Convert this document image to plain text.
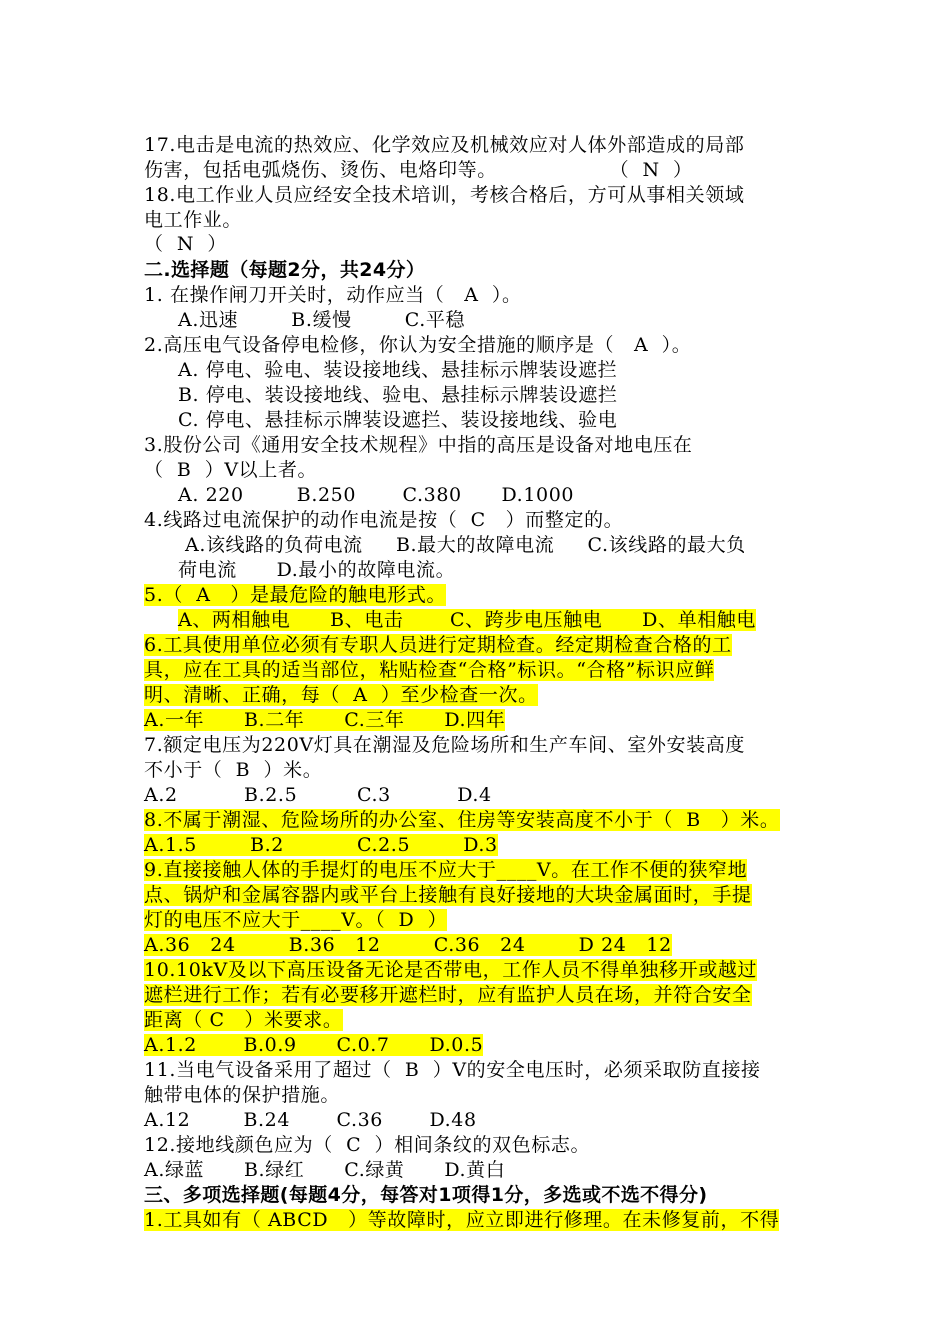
17.电击是电流的热效应、化学效应及机械效应对人体外部造成的局部
伤害，包括电弧烧伤、烫伤、电烙印等。                 （  N  ）
18.电工作业人员应经安全技术培训，考核合格后，方可从事相关领域
电工作业。
（  N  ）
二.选择题（每题2分，共24分）
1. 在操作闸刀开关时，动作应当（   A  ）。
A.迅速        B.缓慢        C.平稳
2.高压电气设备停电检修，你认为安全措施的顺序是（   A  ）。
A. 停电、验电、装设接地线、悬挂标示牌装设遮拦
B. 停电、装设接地线、验电、悬挂标示牌装设遮拦
C. 停电、悬挂标示牌装设遮拦、装设接地线、验电
3.股份公司《通用安全技术规程》中指的高压是设备对地电压在
（  B  ）V以上者。
A. 220        B.250       C.380      D.1000
4.线路过电流保护的动作电流是按（  C   ）而整定的。
A.该线路的负荷电流     B.最大的故障电流     C.该线路的最大负
荷电流      D.最小的故障电流。
5.（  A   ）是最危险的触电形式。
A、两相触电      B、电击       C、跨步电压触电      D、单相触电
6.工具使用单位必须有专职人员进行定期检查。经定期检查合格的工
具，应在工具的适当部位，粘贴检查“合格”标识。“合格”标识应鲜
明、清晰、正确，每（  A  ）至少检查一次。
A.一年      B.二年      C.三年      D.四年
7.额定电压为220V灯具在潮湿及危险场所和生产车间、室外安装高度
不小于（  B  ）米。
A.2          B.2.5         C.3          D.4
8.不属于潮湿、危险场所的办公室、住房等安装高度不小于（  B   ）米。
A.1.5        B.2           C.2.5        D.3
9.直接接触人体的手提灯的电压不应大于____V。在工作不便的狭窄地
点、锅炉和金属容器内或平台上接触有良好接地的大块金属面时，手提
灯的电压不应大于____V。（  D  ）
A.36   24        B.36   12        C.36   24        D 24   12
10.10kV及以下高压设备无论是否带电，工作人员不得单独移开或越过
遮栏进行工作；若有必要移开遮栏时，应有监护人员在场，并符合安全
距离（ C   ）米要求。
A.1.2       B.0.9      C.0.7      D.0.5
11.当电气设备采用了超过（  B  ）V的安全电压时，必须采取防直接接
触带电体的保护措施。
A.12        B.24       C.36       D.48
12.接地线颜色应为（  C  ）相间条纹的双色标志。
A.绿蓝      B.绿红      C.绿黄      D.黄白
三、多项选择题(每题4分，每答对1项得1分，多选或不选不得分)
1.工具如有（ ABCD   ）等故障时，应立即进行修理。在未修复前，不得
